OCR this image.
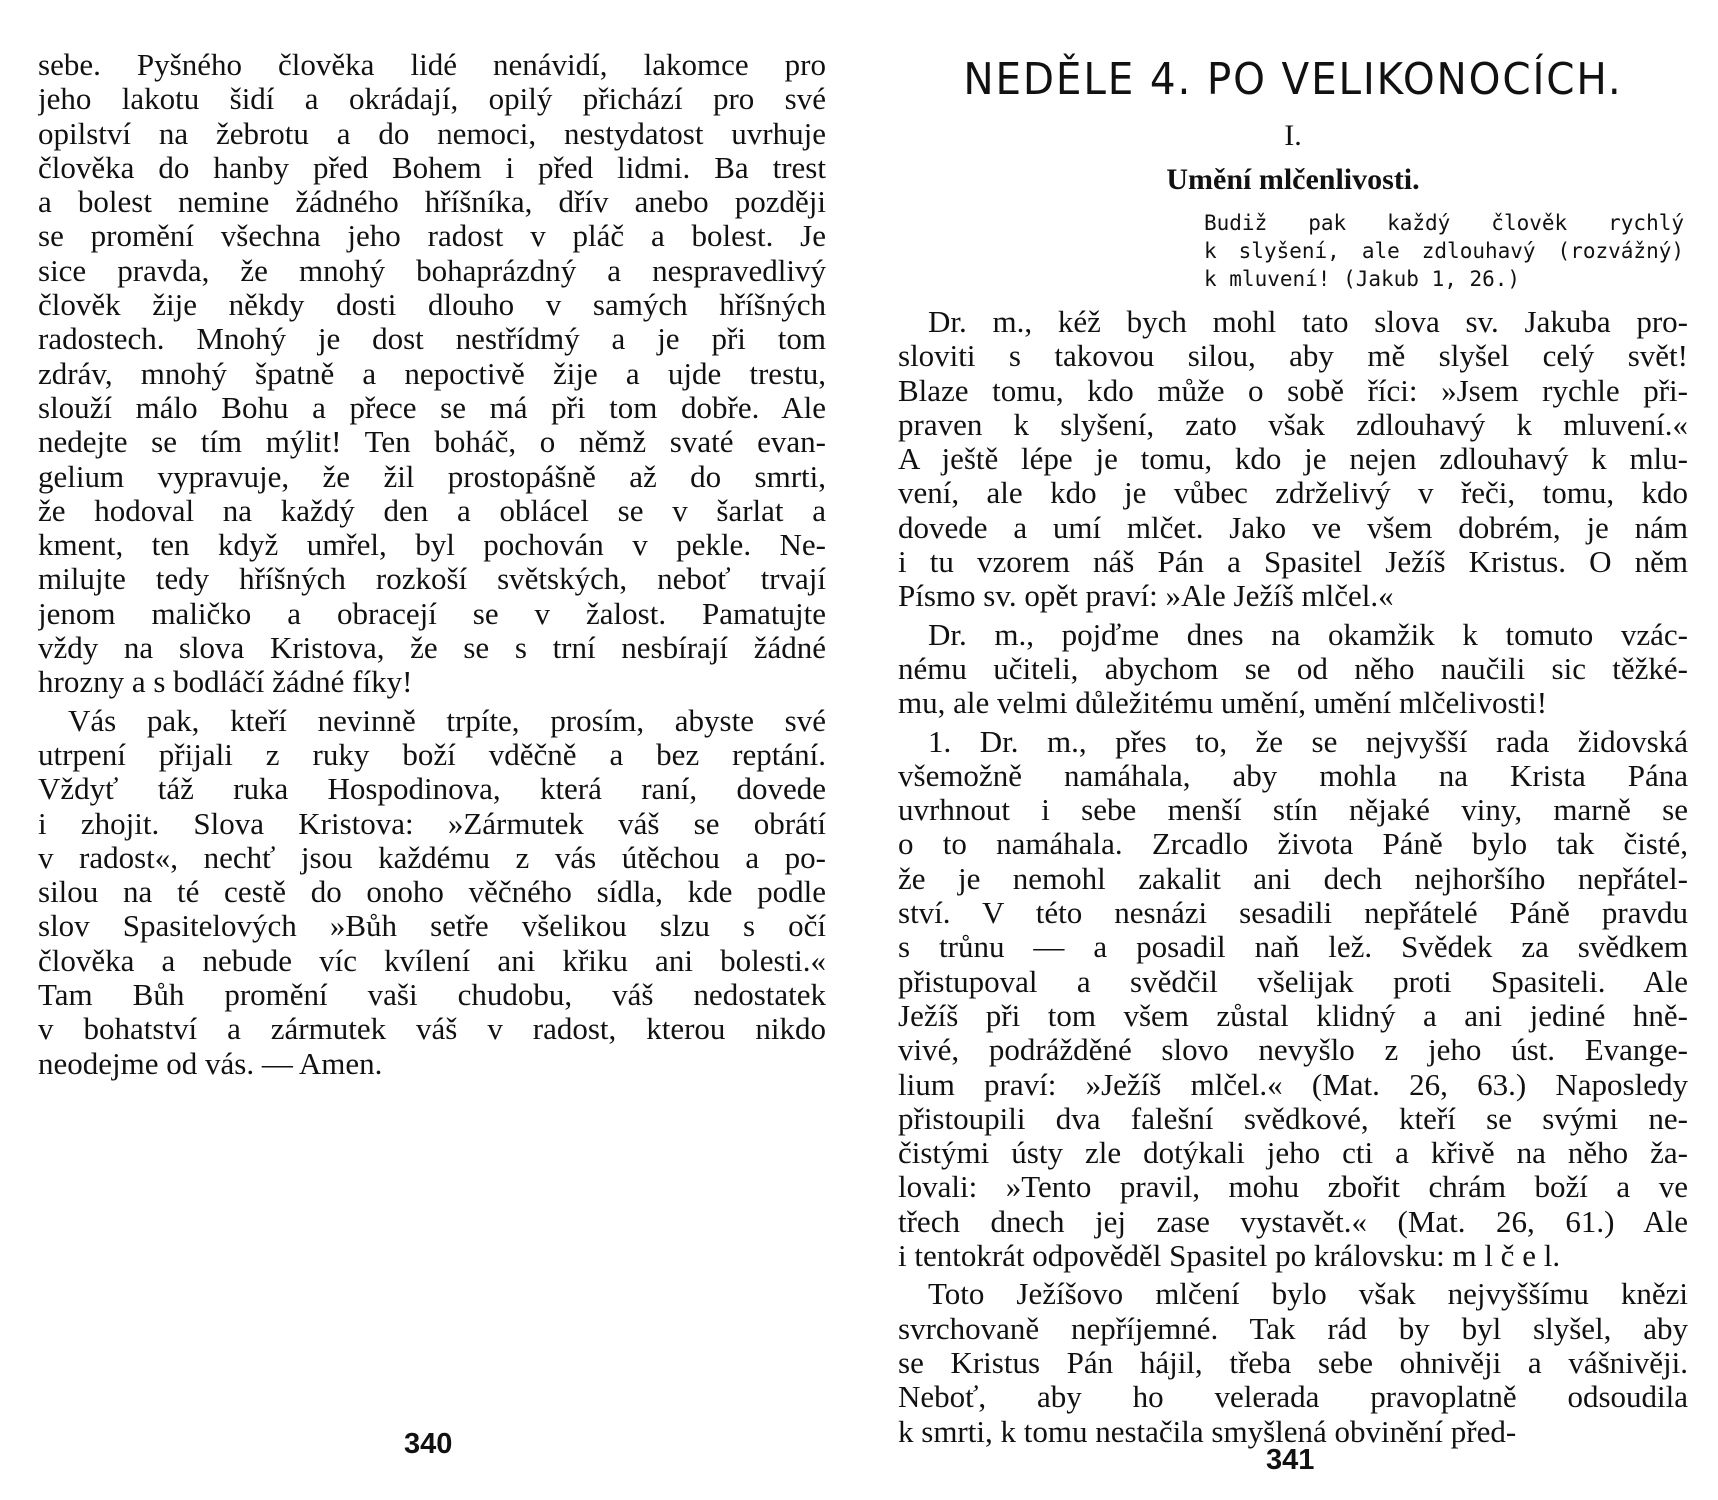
sebe. Pyšného člověka lidé nenávidí, lakomce pro
jeho lakotu šidí a okrádají, opilý přichází pro své
opilství na žebrotu a do nemoci, nestydatost uvrhuje
člověka do hanby před Bohem i před lidmi. Ba trest
a bolest nemine žádného hříšníka, dřív anebo později
se promění všechna jeho radost v pláč a bolest. Je
sice pravda, že mnohý bohaprázdný a nespravedlivý
člověk žije někdy dosti dlouho v samých hříšných
radostech. Mnohý je dost nestřídmý a je při tom
zdráv, mnohý špatně a nepoctivě žije a ujde trestu,
slouží málo Bohu a přece se má při tom dobře. Ale
nedejte se tím mýlit! Ten boháč, o němž svaté evan-
gelium vypravuje, že žil prostopášně až do smrti,
že hodoval na každý den a oblácel se v šarlat a
kment, ten když umřel, byl pochován v pekle. Ne-
milujte tedy hříšných rozkoší světských, neboť trvají
jenom maličko a obracejí se v žalost. Pamatujte
vždy na slova Kristova, že se s trní nesbírají žádné
hrozny a s bodláčí žádné fíky!
Vás pak, kteří nevinně trpíte, prosím, abyste své
utrpení přijali z ruky boží vděčně a bez reptání.
Vždyť táž ruka Hospodinova, která raní, dovede
i zhojit. Slova Kristova: »Zármutek váš se obrátí
v radost«, nechť jsou každému z vás útěchou a po-
silou na té cestě do onoho věčného sídla, kde podle
slov Spasitelových »Bůh setře všelikou slzu s očí
člověka a nebude víc kvílení ani křiku ani bolesti.«
Tam Bůh promění vaši chudobu, váš nedostatek
v bohatství a zármutek váš v radost, kterou nikdo
neodejme od vás. — Amen.
340
NEDĚLE 4. PO VELIKONOCÍCH.
I.
Umění mlčenlivosti.
Budiž pak každý člověk rychlý
k slyšení, ale zdlouhavý (rozvážný)
k mluvení! (Jakub 1, 26.)
Dr. m., kéž bych mohl tato slova sv. Jakuba pro-
sloviti s takovou silou, aby mě slyšel celý svět!
Blaze tomu, kdo může o sobě říci: »Jsem rychle při-
praven k slyšení, zato však zdlouhavý k mluvení.«
A ještě lépe je tomu, kdo je nejen zdlouhavý k mlu-
vení, ale kdo je vůbec zdrželivý v řeči, tomu, kdo
dovede a umí mlčet. Jako ve všem dobrém, je nám
i tu vzorem náš Pán a Spasitel Ježíš Kristus. O něm
Písmo sv. opět praví: »Ale Ježíš mlčel.«
Dr. m., pojďme dnes na okamžik k tomuto vzác-
nému učiteli, abychom se od něho naučili sic těžké-
mu, ale velmi důležitému umění, umění mlčelivosti!
1. Dr. m., přes to, že se nejvyšší rada židovská
všemožně namáhala, aby mohla na Krista Pána
uvrhnout i sebe menší stín nějaké viny, marně se
o to namáhala. Zrcadlo života Páně bylo tak čisté,
že je nemohl zakalit ani dech nejhoršího nepřátel-
ství. V této nesnázi sesadili nepřátelé Páně pravdu
s trůnu — a posadil naň lež. Svědek za svědkem
přistupoval a svědčil všelijak proti Spasiteli. Ale
Ježíš při tom všem zůstal klidný a ani jediné hně-
vivé, podrážděné slovo nevyšlo z jeho úst. Evange-
lium praví: »Ježíš mlčel.« (Mat. 26, 63.) Naposledy
přistoupili dva falešní svědkové, kteří se svými ne-
čistými ústy zle dotýkali jeho cti a křivě na něho ža-
lovali: »Tento pravil, mohu zbořit chrám boží a ve
třech dnech jej zase vystavět.« (Mat. 26, 61.) Ale
i tentokrát odpověděl Spasitel po královsku: m l č e l.
Toto Ježíšovo mlčení bylo však nejvyššímu knězi
svrchovaně nepříjemné. Tak rád by byl slyšel, aby
se Kristus Pán hájil, třeba sebe ohnivěji a vášnivěji.
Neboť, aby ho velerada pravoplatně odsoudila
k smrti, k tomu nestačila smyšlená obvinění před-
341
